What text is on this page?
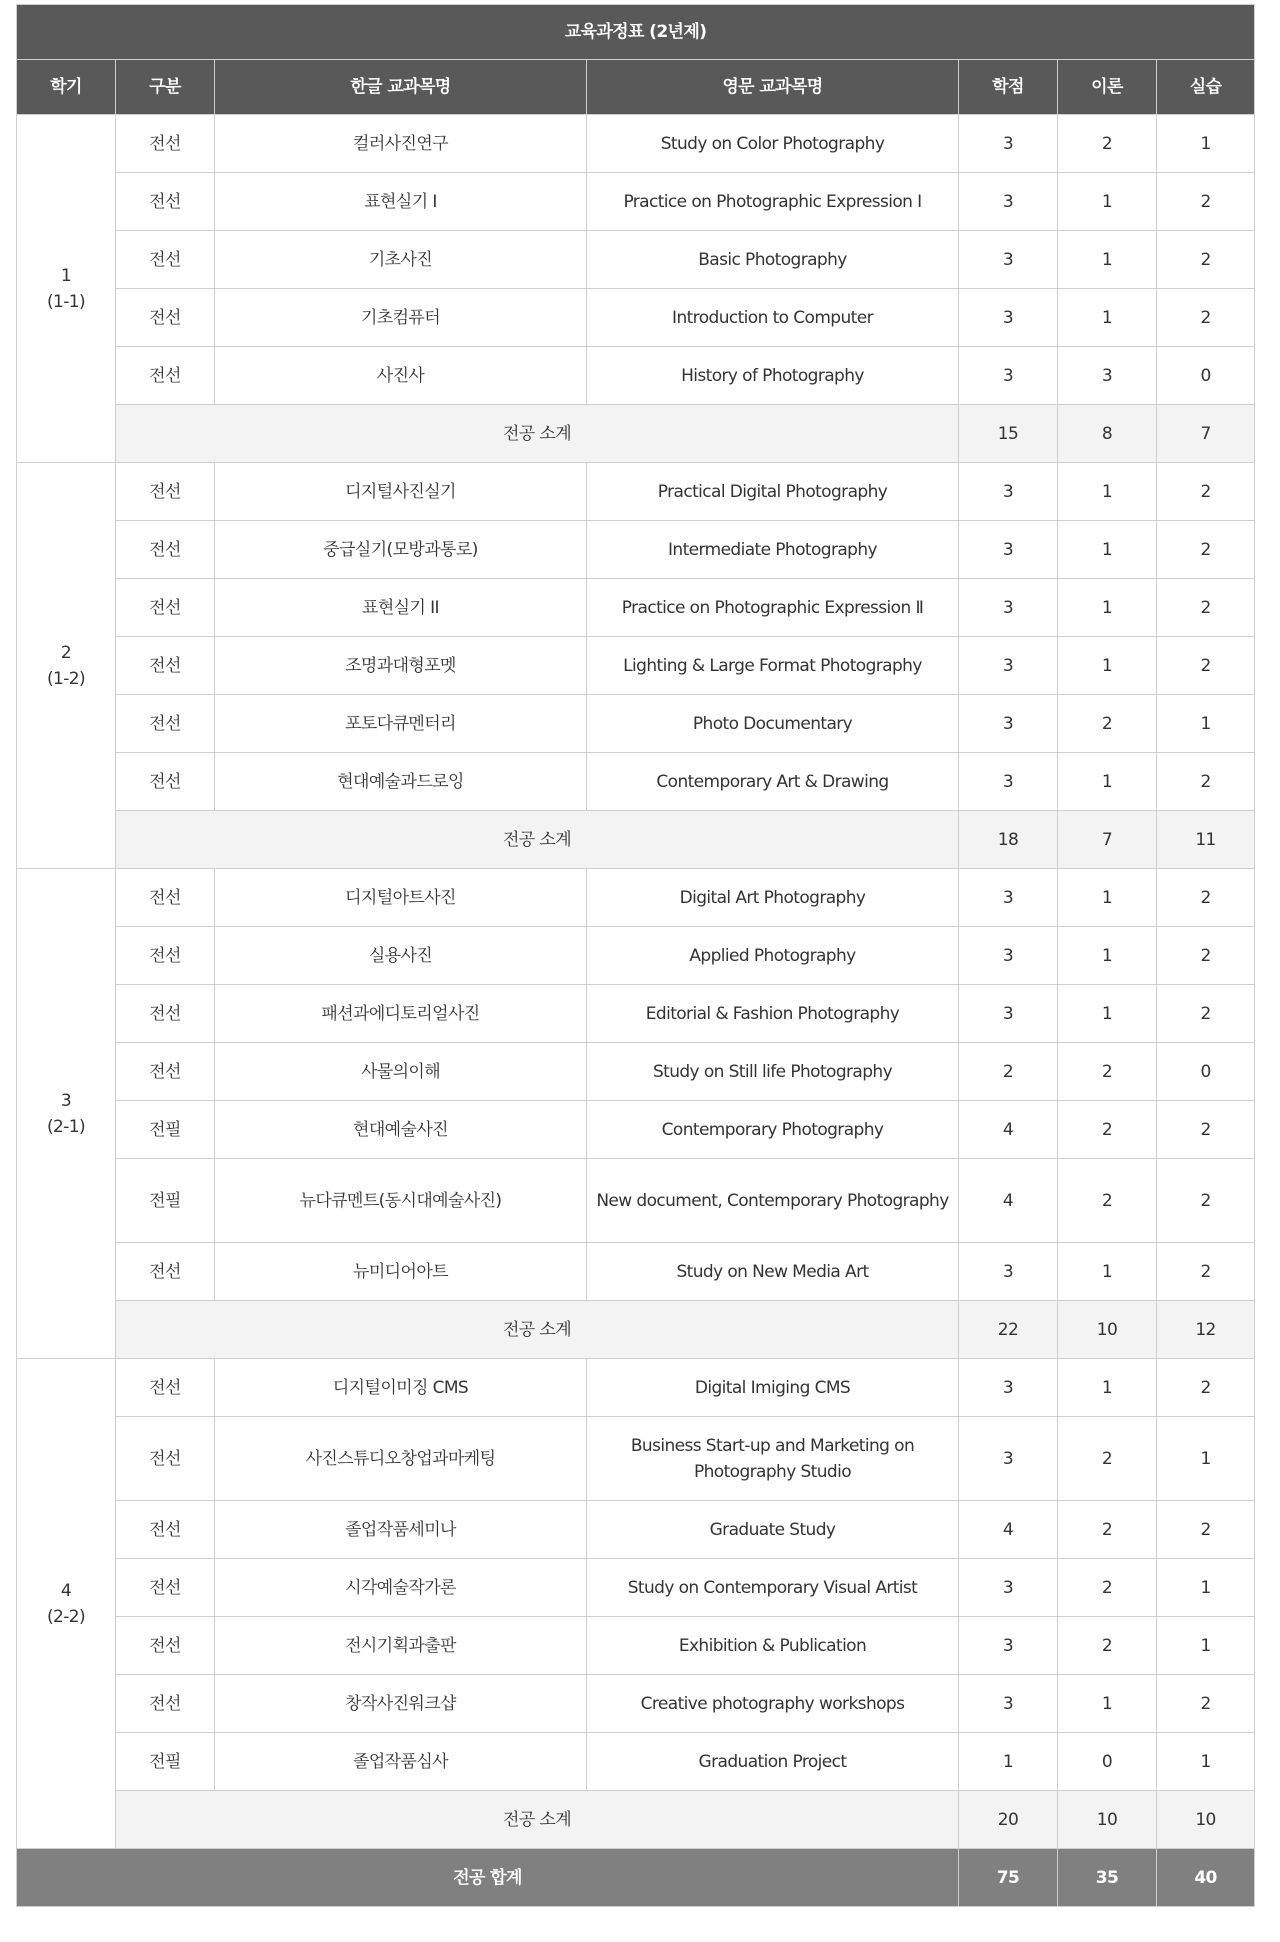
교육과정표 (2년제)						
학기	구분	한글 교과목명	영문 교과목명	학점	이론	실습

1
(1-1)	전선	컬러사진연구	Study on Color Photography	3	2	1
	전선	표현실기 I	Practice on Photographic Expression Ⅰ	3	1	2
	전선	기초사진	Basic Photography	3	1	2
	전선	기초컴퓨터	Introduction to Computer	3	1	2
	전선	사진사	History of Photography	3	3	0
	전공 소계			15	8	7

2
(1-2)	전선	디지털사진실기	Practical Digital Photography	3	1	2
	전선	중급실기(모방과통로)	Intermediate Photography	3	1	2
	전선	표현실기 II	Practice on Photographic Expression Ⅱ	3	1	2
	전선	조명과대형포멧	Lighting & Large Format Photography	3	1	2
	전선	포토다큐멘터리	Photo Documentary	3	2	1
	전선	현대예술과드로잉	Contemporary Art & Drawing	3	1	2
	전공 소계			18	7	11

3
(2-1)	전선	디지털아트사진	Digital Art Photography	3	1	2
	전선	실용사진	Applied Photography	3	1	2
	전선	패션과에디토리얼사진	Editorial & Fashion Photography	3	1	2
	전선	사물의이해	Study on Still life Photography	2	2	0
	전필	현대예술사진	Contemporary Photography	4	2	2
	전필	뉴다큐멘트(동시대예술사진)	New document, Contemporary Photography	4	2	2
	전선	뉴미디어아트	Study on New Media Art	3	1	2
	전공 소계			22	10	12

4
(2-2)	전선	디지털이미징 CMS	Digital Imiging CMS	3	1	2
	전선	사진스튜디오창업과마케팅	Business Start-up and Marketing on Photography Studio	3	2	1
	전선	졸업작품세미나	Graduate Study	4	2	2
	전선	시각예술작가론	Study on Contemporary Visual Artist	3	2	1
	전선	전시기획과출판	Exhibition & Publication	3	2	1
	전선	창작사진워크샵	Creative photography workshops	3	1	2
	전필	졸업작품심사	Graduation Project	1	0	1
	전공 소계			20	10	10
전공 합계				75	35	40
